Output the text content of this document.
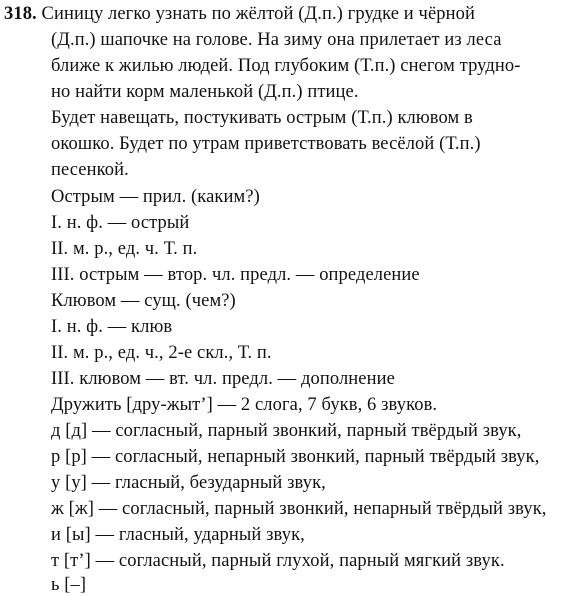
318. Синицу легко узнать по жёлтой (Д.п.) грудке и чёрной
(Д.п.) шапочке на голове. На зиму она прилетает из леса
ближе к жилью людей. Под глубоким (Т.п.) снегом трудно-
но найти корм маленькой (Д.п.) птице.
Будет навещать, постукивать острым (Т.п.) клювом в
окошко. Будет по утрам приветствовать весёлой (Т.п.)
песенкой.
Острым — прил. (каким?)
I. н. ф. — острый
II. м. р., ед. ч. Т. п.
III. острым — втор. чл. предл. — определение
Клювом — сущ. (чем?)
I. н. ф. — клюв
II. м. р., ед. ч., 2-е скл., Т. п.
III. клювом — вт. чл. предл. — дополнение
Дружить [дру-жыт’] — 2 слога, 7 букв, 6 звуков.
д [д] — согласный, парный звонкий, парный твёрдый звук,
р [р] — согласный, непарный звонкий, парный твёрдый звук,
у [у] — гласный, безударный звук,
ж [ж] — согласный, парный звонкий, непарный твёрдый звук,
и [ы] — гласный, ударный звук,
т [т’] — согласный, парный глухой, парный мягкий звук.
ь [–]
